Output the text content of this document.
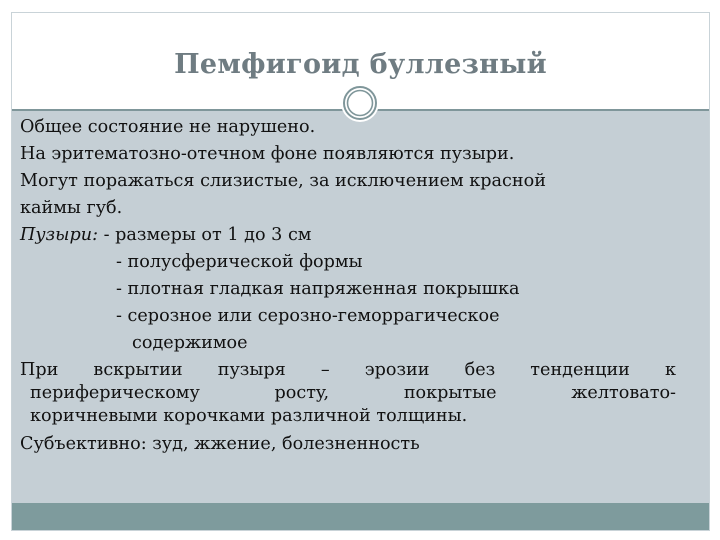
Пемфигоид буллезный
Общее состояние не нарушено.
На эритематозно-отечном фоне появляются пузыри.
Могут поражаться слизистые, за исключением красной
каймы губ.
Пузыри: - размеры от 1 до 3 см
- полусферической формы
- плотная гладкая напряженная покрышка
- серозное или серозно-геморрагическое
содержимое
При вскрытии пузыря – эрозии без тенденции к
периферическому ростy, покрытые желтовато-
коричневыми корочками различной толщины.
Субъективно: зуд, жжение, болезненность
